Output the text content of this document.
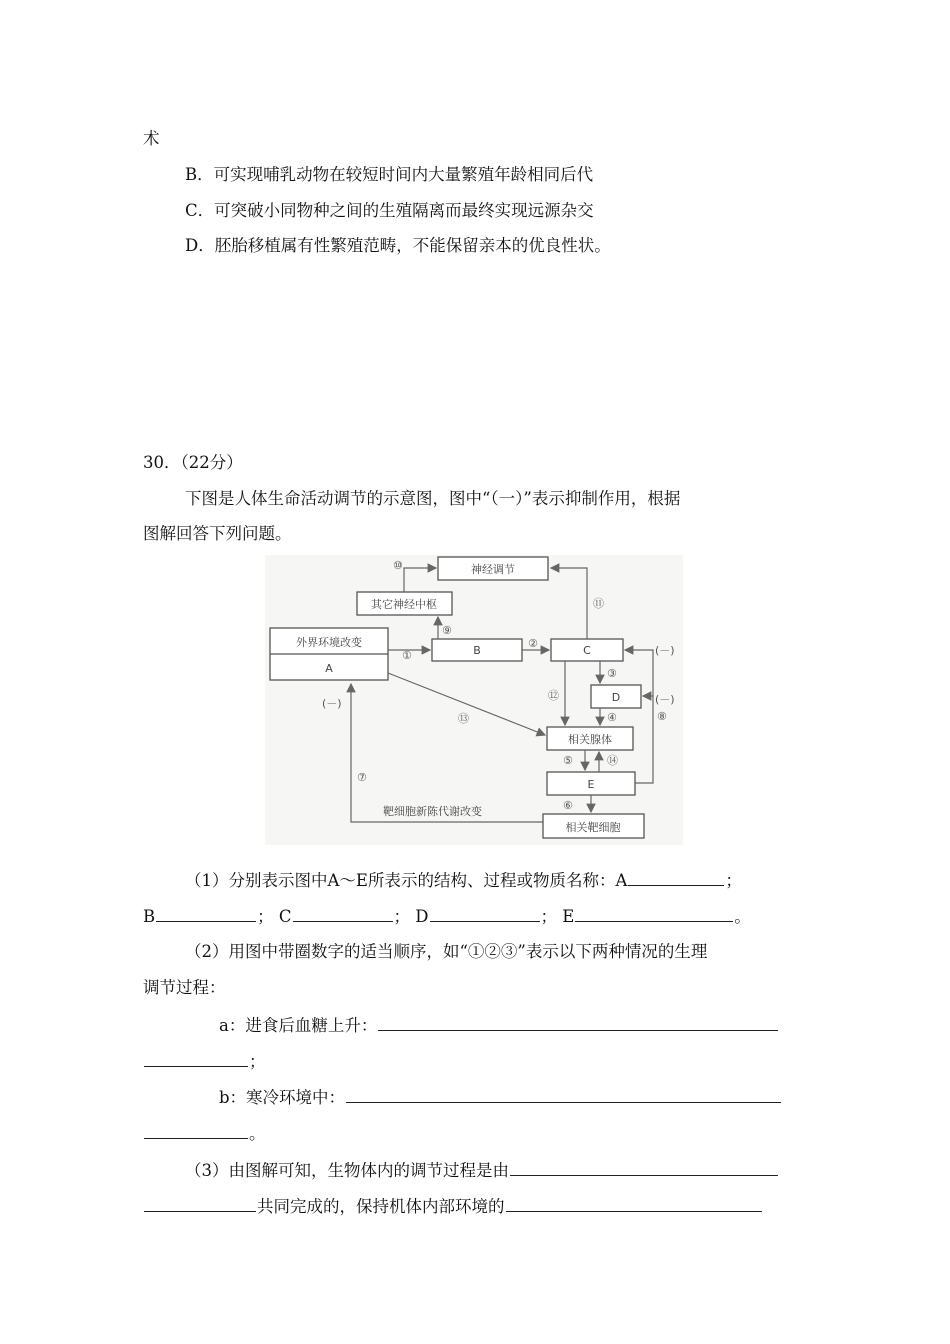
术
B．可实现哺乳动物在较短时间内大量繁殖年龄相同后代
C．可突破小同物种之间的生殖隔离而最终实现远源杂交
D．胚胎移植属有性繁殖范畴，不能保留亲本的优良性状。
30．（22分）
下图是人体生命活动调节的示意图，图中“（一）”表示抑制作用，根据
图解回答下列问题。
神经调节
其它神经中枢
外界环境改变
A
B	C
D
相关腺体
E
相关靶细胞
①
②
③
④
⑤
⑥
⑦
⑧
⑨
⑩
⑪
⑫
⑬
⑭
(－)
(－)
(－)
靶细胞新陈代谢改变
（1）分别表示图中A～E所表示的结构、过程或物质名称：A	；
B	； C	； D	； E	。
（2）用图中带圈数字的适当顺序，如“①②③”表示以下两种情况的生理
调节过程：
a：进食后血糖上升：
；
b：寒冷环境中：
。
（3）由图解可知，生物体内的调节过程是由
共同完成的，保持机体内部环境的
